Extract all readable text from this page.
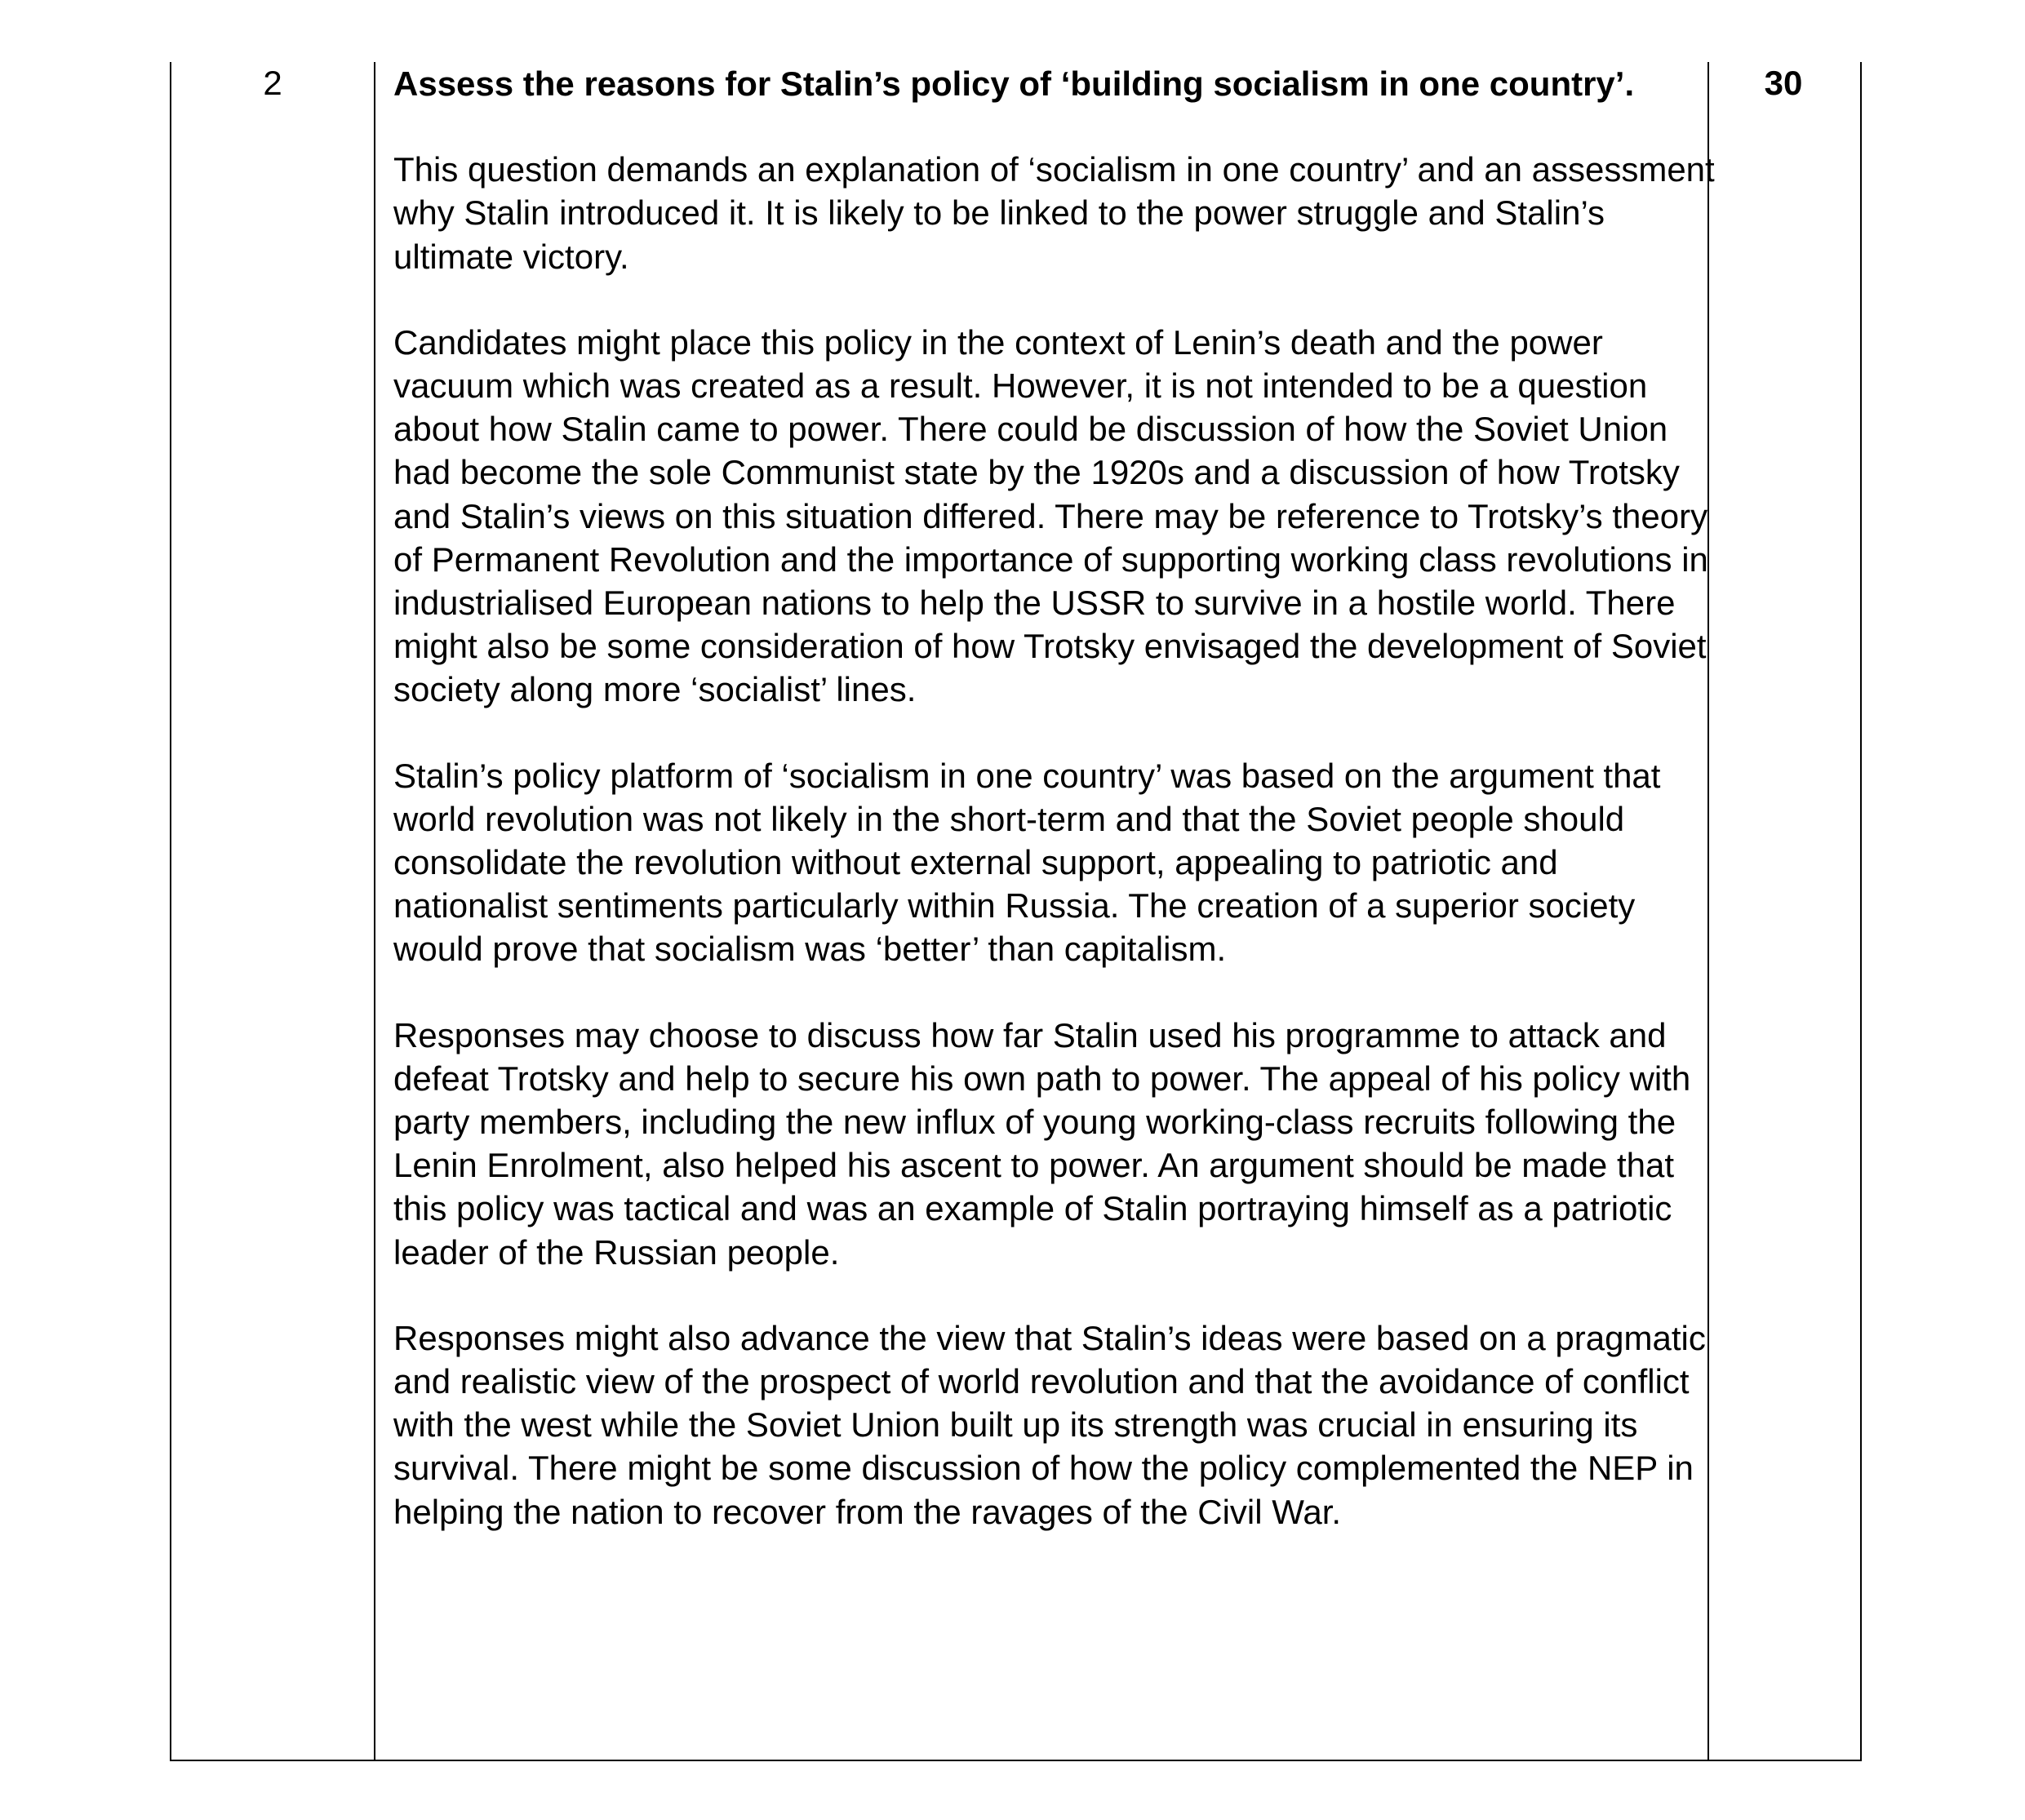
2	Assess the reasons for Stalin’s policy of ‘building socialism in one country’.

This question demands an explanation of ‘socialism in one country’ and an assessment why Stalin introduced it. It is likely to be linked to the power struggle and Stalin’s ultimate victory.

Candidates might place this policy in the context of Lenin’s death and the power vacuum which was created as a result. However, it is not intended to be a question about how Stalin came to power. There could be discussion of how the Soviet Union had become the sole Communist state by the 1920s and a discussion of how Trotsky and Stalin’s views on this situation differed. There may be reference to Trotsky’s theory of Permanent Revolution and the importance of supporting working class revolutions in industrialised European nations to help the USSR to survive in a hostile world. There might also be some consideration of how Trotsky envisaged the development of Soviet society along more ‘socialist’ lines.

Stalin’s policy platform of ‘socialism in one country’ was based on the argument that world revolution was not likely in the short-term and that the Soviet people should consolidate the revolution without external support, appealing to patriotic and nationalist sentiments particularly within Russia. The creation of a superior society would prove that socialism was ‘better’ than capitalism.

Responses may choose to discuss how far Stalin used his programme to attack and defeat Trotsky and help to secure his own path to power. The appeal of his policy with party members, including the new influx of young working-class recruits following the Lenin Enrolment, also helped his ascent to power. An argument should be made that this policy was tactical and was an example of Stalin portraying himself as a patriotic leader of the Russian people.

Responses might also advance the view that Stalin’s ideas were based on a pragmatic and realistic view of the prospect of world revolution and that the avoidance of conflict with the west while the Soviet Union built up its strength was crucial in ensuring its survival. There might be some discussion of how the policy complemented the NEP in helping the nation to recover from the ravages of the Civil War.

30
